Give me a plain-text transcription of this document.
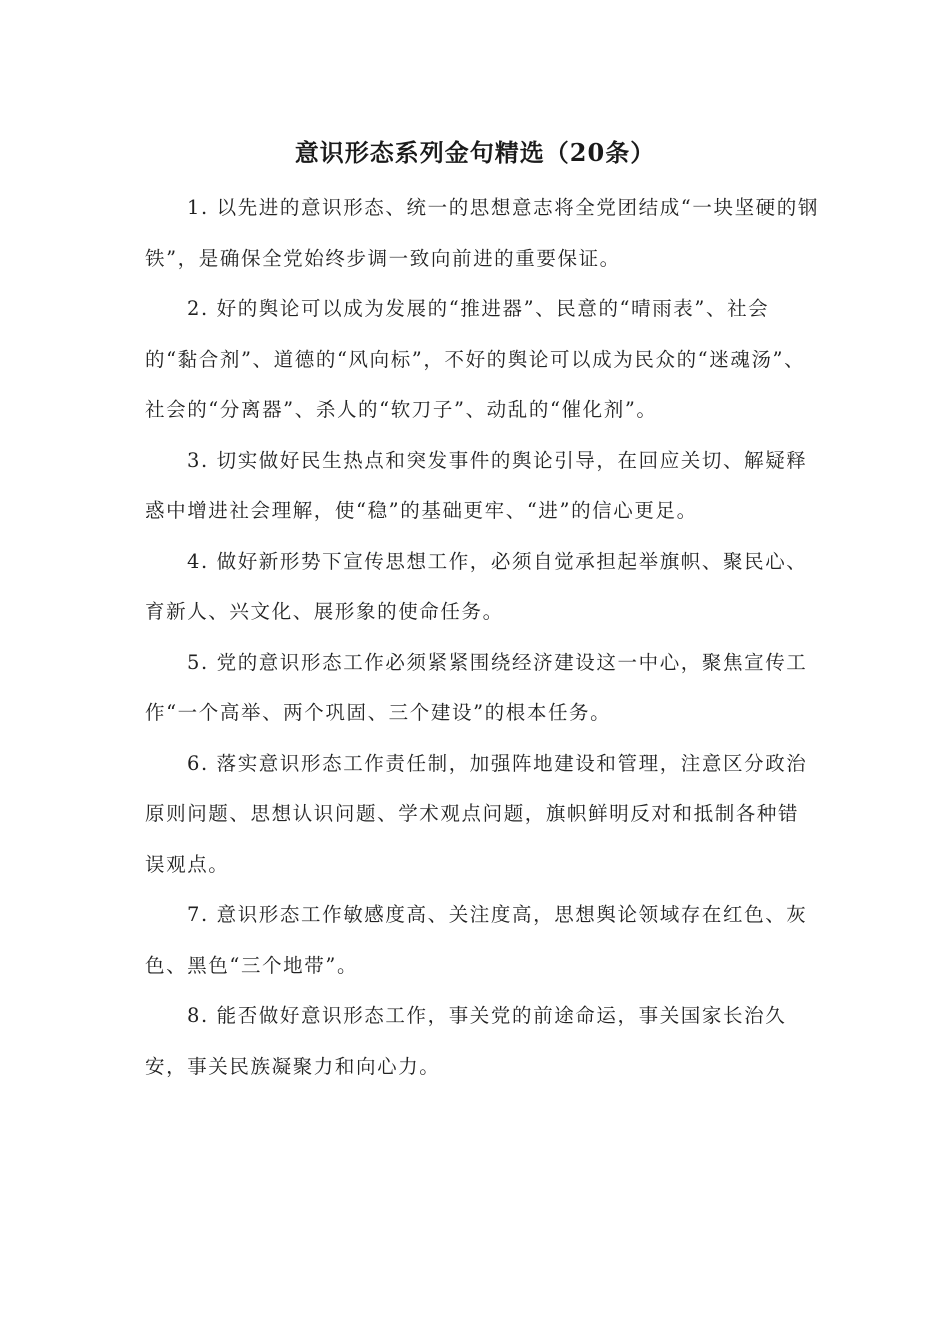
意识形态系列金句精选（20条）

1. 以先进的意识形态、统一的思想意志将全党团结成“一块坚硬的钢铁”，是确保全党始终步调一致向前进的重要保证。

2. 好的舆论可以成为发展的“推进器”、民意的“晴雨表”、社会的“黏合剂”、道德的“风向标”，不好的舆论可以成为民众的“迷魂汤”、社会的“分离器”、杀人的“软刀子”、动乱的“催化剂”。

3. 切实做好民生热点和突发事件的舆论引导，在回应关切、解疑释惑中增进社会理解，使“稳”的基础更牢、“进”的信心更足。

4. 做好新形势下宣传思想工作，必须自觉承担起举旗帜、聚民心、育新人、兴文化、展形象的使命任务。

5. 党的意识形态工作必须紧紧围绕经济建设这一中心，聚焦宣传工作“一个高举、两个巩固、三个建设”的根本任务。

6. 落实意识形态工作责任制，加强阵地建设和管理，注意区分政治原则问题、思想认识问题、学术观点问题，旗帜鲜明反对和抵制各种错误观点。

7. 意识形态工作敏感度高、关注度高，思想舆论领域存在红色、灰色、黑色“三个地带”。

8. 能否做好意识形态工作，事关党的前途命运，事关国家长治久安，事关民族凝聚力和向心力。
